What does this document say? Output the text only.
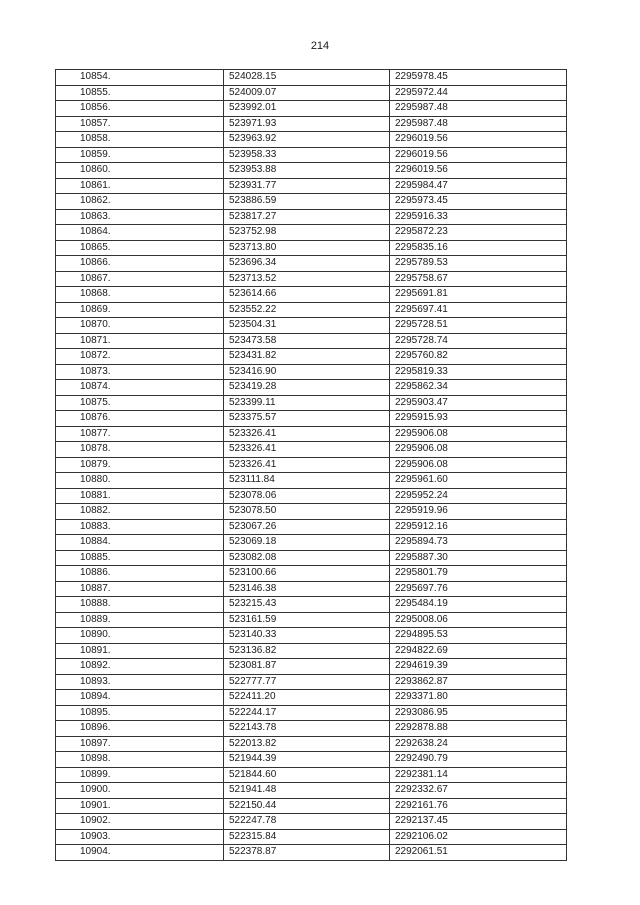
214
10854.	524028.15	2295978.45
10855.	524009.07	2295972.44
10856.	523992.01	2295987.48
10857.	523971.93	2295987.48
10858.	523963.92	2296019.56
10859.	523958.33	2296019.56
10860.	523953.88	2296019.56
10861.	523931.77	2295984.47
10862.	523886.59	2295973.45
10863.	523817.27	2295916.33
10864.	523752.98	2295872.23
10865.	523713.80	2295835.16
10866.	523696.34	2295789.53
10867.	523713.52	2295758.67
10868.	523614.66	2295691.81
10869.	523552.22	2295697.41
10870.	523504.31	2295728.51
10871.	523473.58	2295728.74
10872.	523431.82	2295760.82
10873.	523416.90	2295819.33
10874.	523419.28	2295862.34
10875.	523399.11	2295903.47
10876.	523375.57	2295915.93
10877.	523326.41	2295906.08
10878.	523326.41	2295906.08
10879.	523326.41	2295906.08
10880.	523111.84	2295961.60
10881.	523078.06	2295952.24
10882.	523078.50	2295919.96
10883.	523067.26	2295912.16
10884.	523069.18	2295894.73
10885.	523082.08	2295887.30
10886.	523100.66	2295801.79
10887.	523146.38	2295697.76
10888.	523215.43	2295484.19
10889.	523161.59	2295008.06
10890.	523140.33	2294895.53
10891.	523136.82	2294822.69
10892.	523081.87	2294619.39
10893.	522777.77	2293862.87
10894.	522411.20	2293371.80
10895.	522244.17	2293086.95
10896.	522143.78	2292878.88
10897.	522013.82	2292638.24
10898.	521944.39	2292490.79
10899.	521844.60	2292381.14
10900.	521941.48	2292332.67
10901.	522150.44	2292161.76
10902.	522247.78	2292137.45
10903.	522315.84	2292106.02
10904.	522378.87	2292061.51
